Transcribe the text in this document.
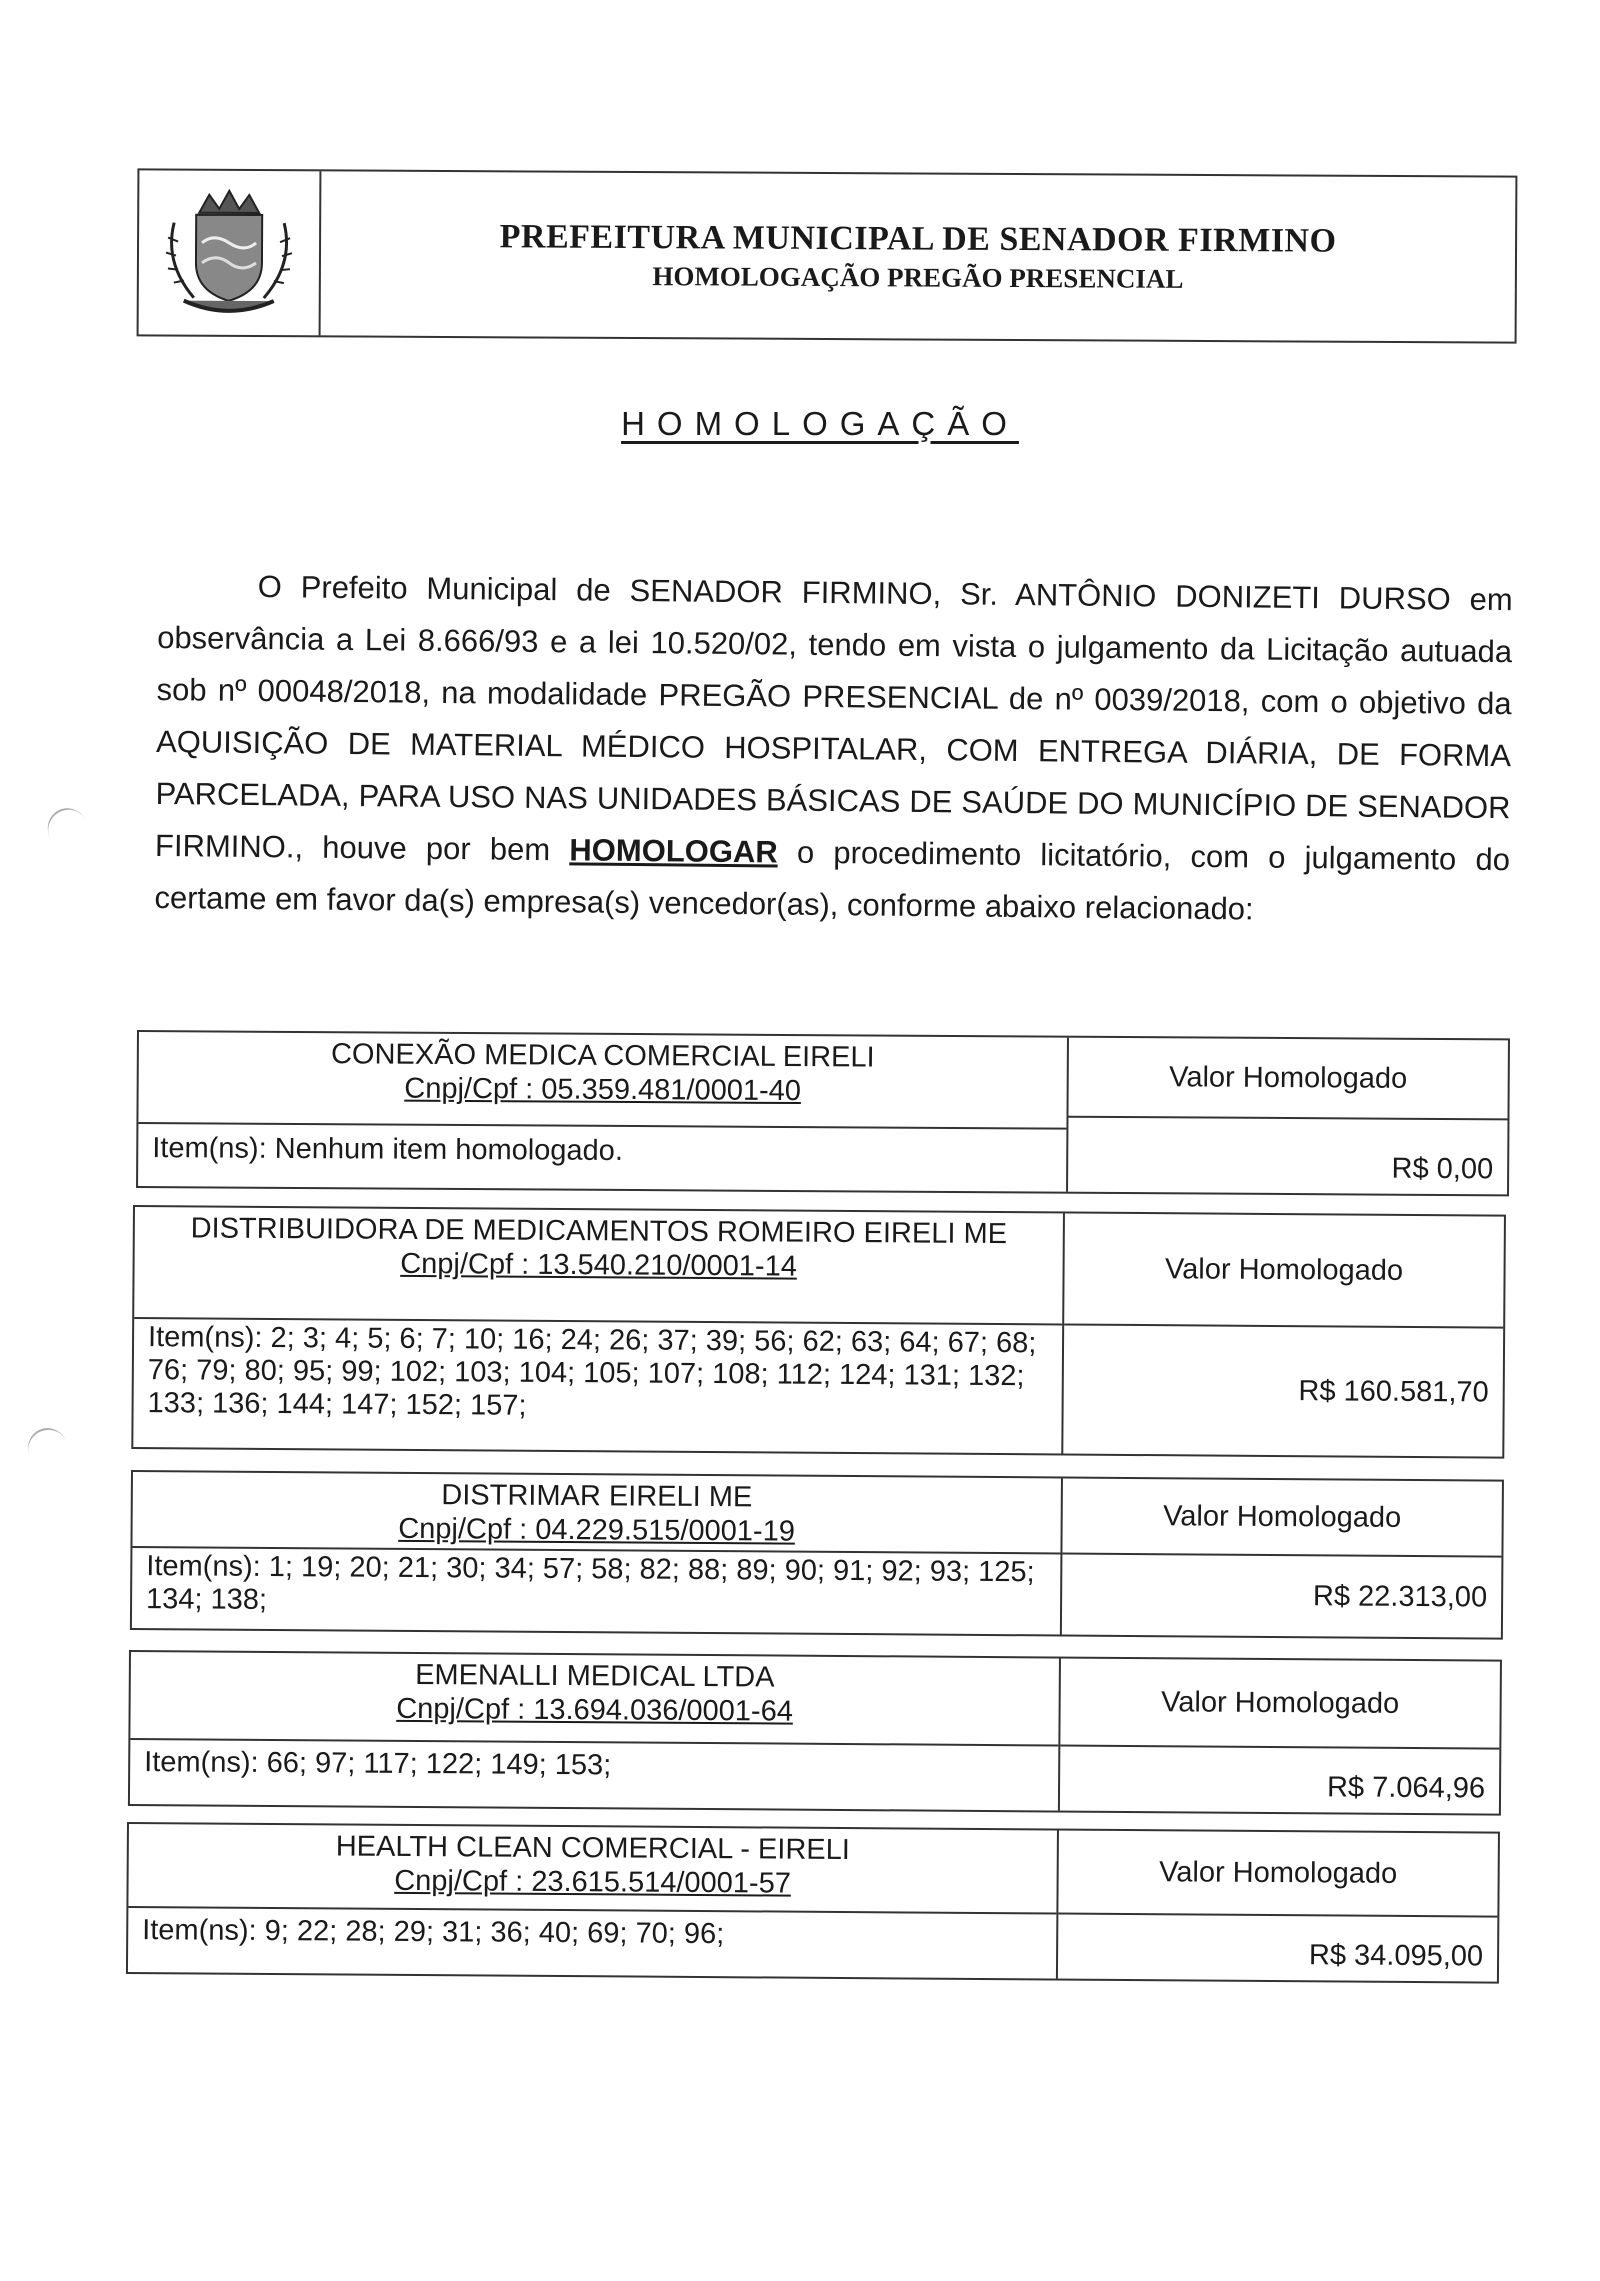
PREFEITURA MUNICIPAL DE SENADOR FIRMINO
HOMOLOGAÇÃO PREGÃO PRESENCIAL
HOMOLOGAÇÃO
O Prefeito Municipal de SENADOR FIRMINO, Sr. ANTÔNIO DONIZETI DURSO em observância a Lei 8.666/93 e a lei 10.520/02, tendo em vista o julgamento da Licitação autuada sob nº 00048/2018, na modalidade PREGÃO PRESENCIAL de nº 0039/2018, com o objetivo da AQUISIÇÃO DE MATERIAL MÉDICO HOSPITALAR, COM ENTREGA DIÁRIA, DE FORMA PARCELADA, PARA USO NAS UNIDADES BÁSICAS DE SAÚDE DO MUNICÍPIO DE SENADOR FIRMINO., houve por bem HOMOLOGAR o procedimento licitatório, com o julgamento do certame em favor da(s) empresa(s) vencedor(as), conforme abaixo relacionado:
CONEXÃO MEDICA COMERCIAL EIRELI
Cnpj/Cpf : 05.359.481/0001-40
Item(ns): Nenhum item homologado.
Valor Homologado
R$ 0,00
DISTRIBUIDORA DE MEDICAMENTOS ROMEIRO EIRELI ME
Cnpj/Cpf : 13.540.210/0001-14
Item(ns): 2; 3; 4; 5; 6; 7; 10; 16; 24; 26; 37; 39; 56; 62; 63; 64; 67; 68; 76; 79; 80; 95; 99; 102; 103; 104; 105; 107; 108; 112; 124; 131; 132; 133; 136; 144; 147; 152; 157;
Valor Homologado
R$ 160.581,70
DISTRIMAR EIRELI ME
Cnpj/Cpf : 04.229.515/0001-19
Item(ns): 1; 19; 20; 21; 30; 34; 57; 58; 82; 88; 89; 90; 91; 92; 93; 125; 134; 138;
Valor Homologado
R$ 22.313,00
EMENALLI MEDICAL LTDA
Cnpj/Cpf : 13.694.036/0001-64
Item(ns): 66; 97; 117; 122; 149; 153;
Valor Homologado
R$ 7.064,96
HEALTH CLEAN COMERCIAL - EIRELI
Cnpj/Cpf : 23.615.514/0001-57
Item(ns): 9; 22; 28; 29; 31; 36; 40; 69; 70; 96;
Valor Homologado
R$ 34.095,00
